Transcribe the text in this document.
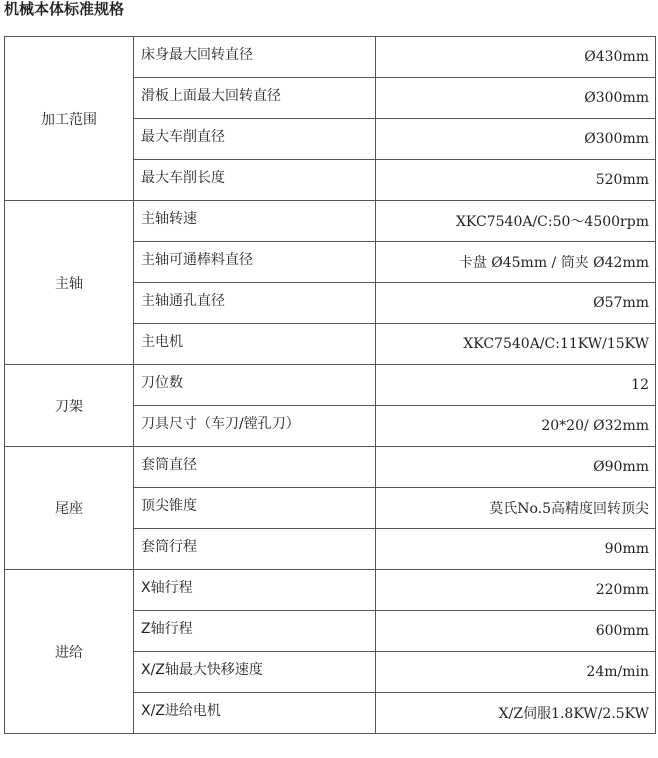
机械本体标准规格
加工范围	床身最大回转直径	Ø430mm
	滑板上面最大回转直径	Ø300mm
	最大车削直径	Ø300mm
	最大车削长度	520mm
主轴	主轴转速	XKC7540A/C:50～4500rpm
	主轴可通棒料直径	卡盘 Ø45mm / 筒夹 Ø42mm
	主轴通孔直径	Ø57mm
	主电机	XKC7540A/C:11KW/15KW
刀架	刀位数	12
	刀具尺寸（车刀/镗孔刀）	20*20/ Ø32mm
尾座	套筒直径	Ø90mm
	顶尖锥度	莫氏No.5高精度回转顶尖
	套筒行程	90mm
进给	X轴行程	220mm
	Z轴行程	600mm
	X/Z轴最大快移速度	24m/min
	X/Z进给电机	X/Z伺服1.8KW/2.5KW
